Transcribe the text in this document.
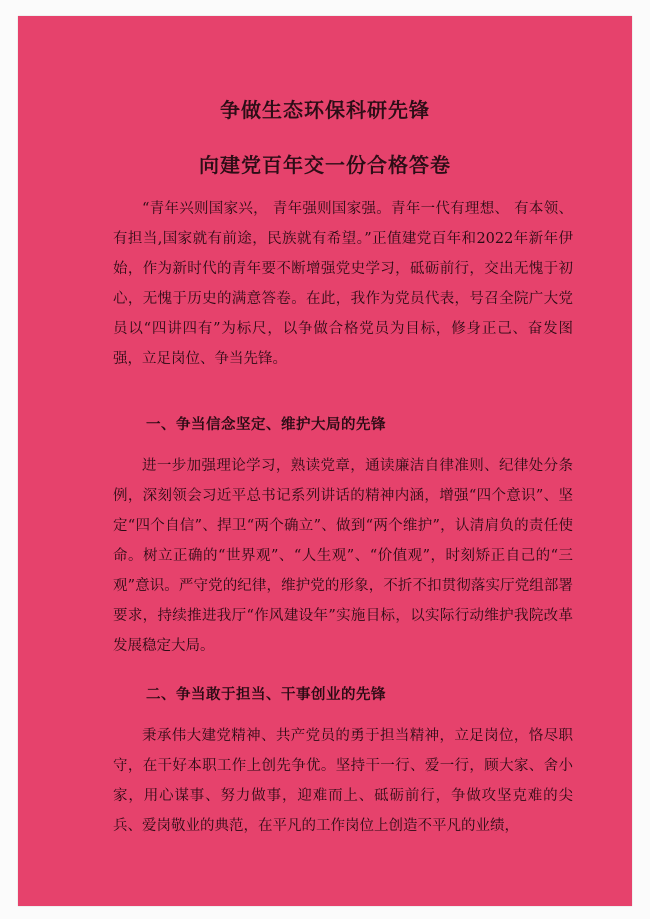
争做生态环保科研先锋
向建党百年交一份合格答卷

“青年兴则国家兴， 青年强则国家强。青年一代有理想、 有本领、有担当,国家就有前途，民族就有希望。”正值建党百年和2022年新年伊始，作为新时代的青年要不断增强党史学习，砥砺前行，交出无愧于初心，无愧于历史的满意答卷。在此，我作为党员代表，号召全院广大党员以“四讲四有”为标尺，以争做合格党员为目标，修身正己、奋发图强，立足岗位、争当先锋。

一、争当信念坚定、维护大局的先锋

进一步加强理论学习，熟读党章，通读廉洁自律准则、纪律处分条例，深刻领会习近平总书记系列讲话的精神内涵，增强“四个意识”、坚定“四个自信”、捍卫“两个确立”、做到“两个维护”，认清肩负的责任使命。树立正确的“世界观”、“人生观”、“价值观”，时刻矫正自己的“三观”意识。严守党的纪律，维护党的形象，不折不扣贯彻落实厅党组部署要求，持续推进我厅“作风建设年”实施目标，以实际行动维护我院改革发展稳定大局。

二、争当敢于担当、干事创业的先锋

秉承伟大建党精神、共产党员的勇于担当精神，立足岗位，恪尽职守，在干好本职工作上创先争优。坚持干一行、爱一行，顾大家、舍小家，用心谋事、努力做事，迎难而上、砥砺前行，争做攻坚克难的尖兵、爱岗敬业的典范，在平凡的工作岗位上创造不平凡的业绩，
